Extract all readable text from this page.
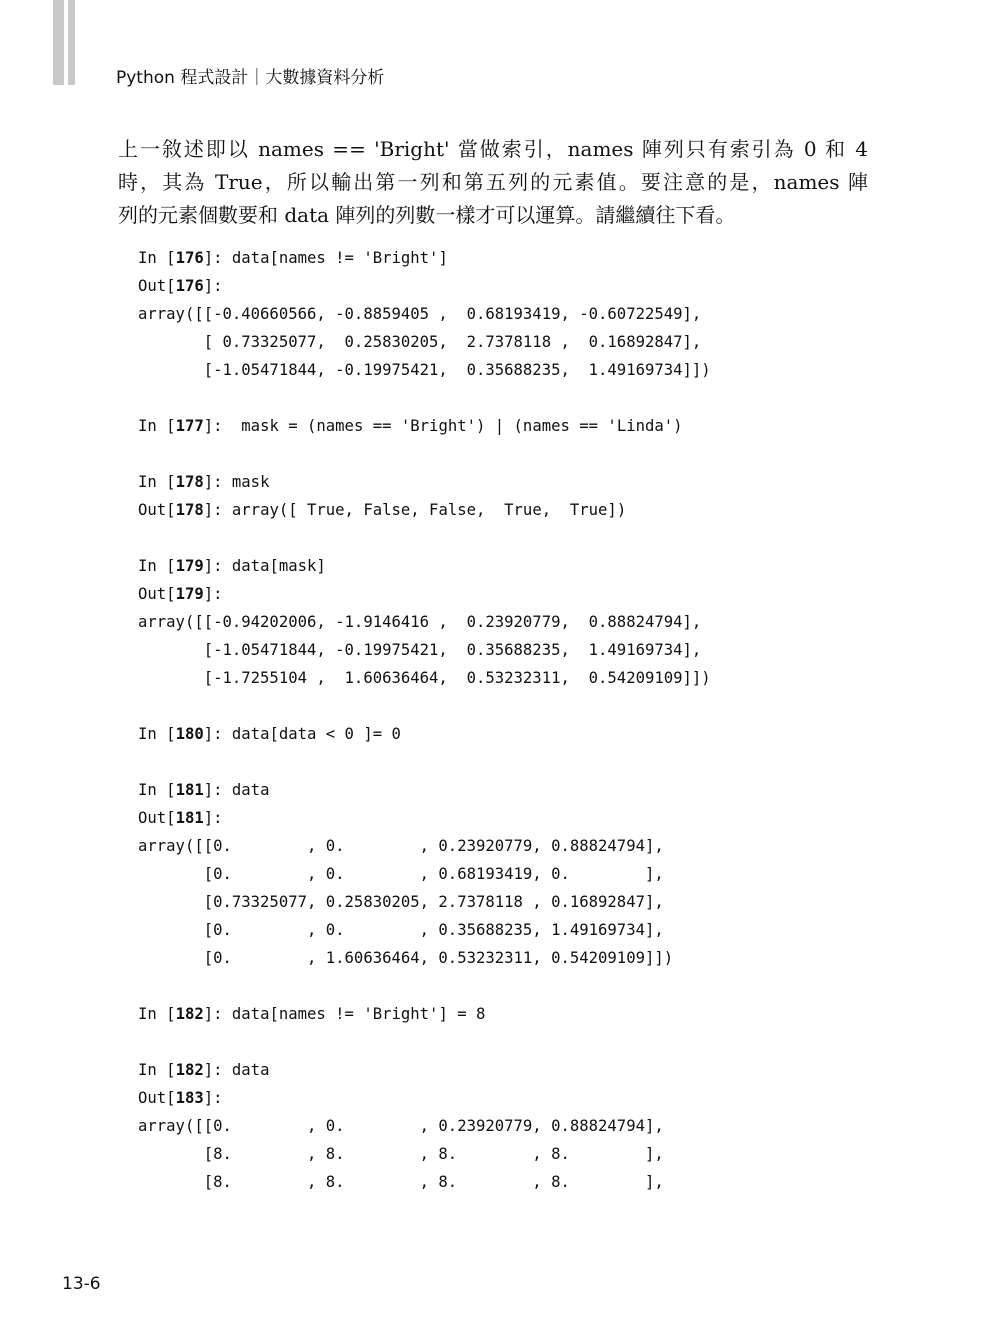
Python 程式設計｜大數據資料分析
上一敘述即以 names == 'Bright' 當做索引，names 陣列只有索引為 0 和 4
時，其為 True，所以輸出第一列和第五列的元素值。要注意的是，names 陣
列的元素個數要和 data 陣列的列數一樣才可以運算。請繼續往下看。
In [176]: data[names != 'Bright']
Out[176]:
array([[-0.40660566, -0.8859405 ,  0.68193419, -0.60722549],
[ 0.73325077,  0.25830205,  2.7378118 ,  0.16892847],
[-1.05471844, -0.19975421,  0.35688235,  1.49169734]])
In [177]:  mask = (names == 'Bright') | (names == 'Linda')
In [178]: mask
Out[178]: array([ True, False, False,  True,  True])
In [179]: data[mask]
Out[179]:
array([[-0.94202006, -1.9146416 ,  0.23920779,  0.88824794],
[-1.05471844, -0.19975421,  0.35688235,  1.49169734],
[-1.7255104 ,  1.60636464,  0.53232311,  0.54209109]])
In [180]: data[data < 0 ]= 0
In [181]: data
Out[181]:
array([[0.        , 0.        , 0.23920779, 0.88824794],
[0.        , 0.        , 0.68193419, 0.        ],
[0.73325077, 0.25830205, 2.7378118 , 0.16892847],
[0.        , 0.        , 0.35688235, 1.49169734],
[0.        , 1.60636464, 0.53232311, 0.54209109]])
In [182]: data[names != 'Bright'] = 8
In [182]: data
Out[183]:
array([[0.        , 0.        , 0.23920779, 0.88824794],
[8.        , 8.        , 8.        , 8.        ],
[8.        , 8.        , 8.        , 8.        ],
13-6
